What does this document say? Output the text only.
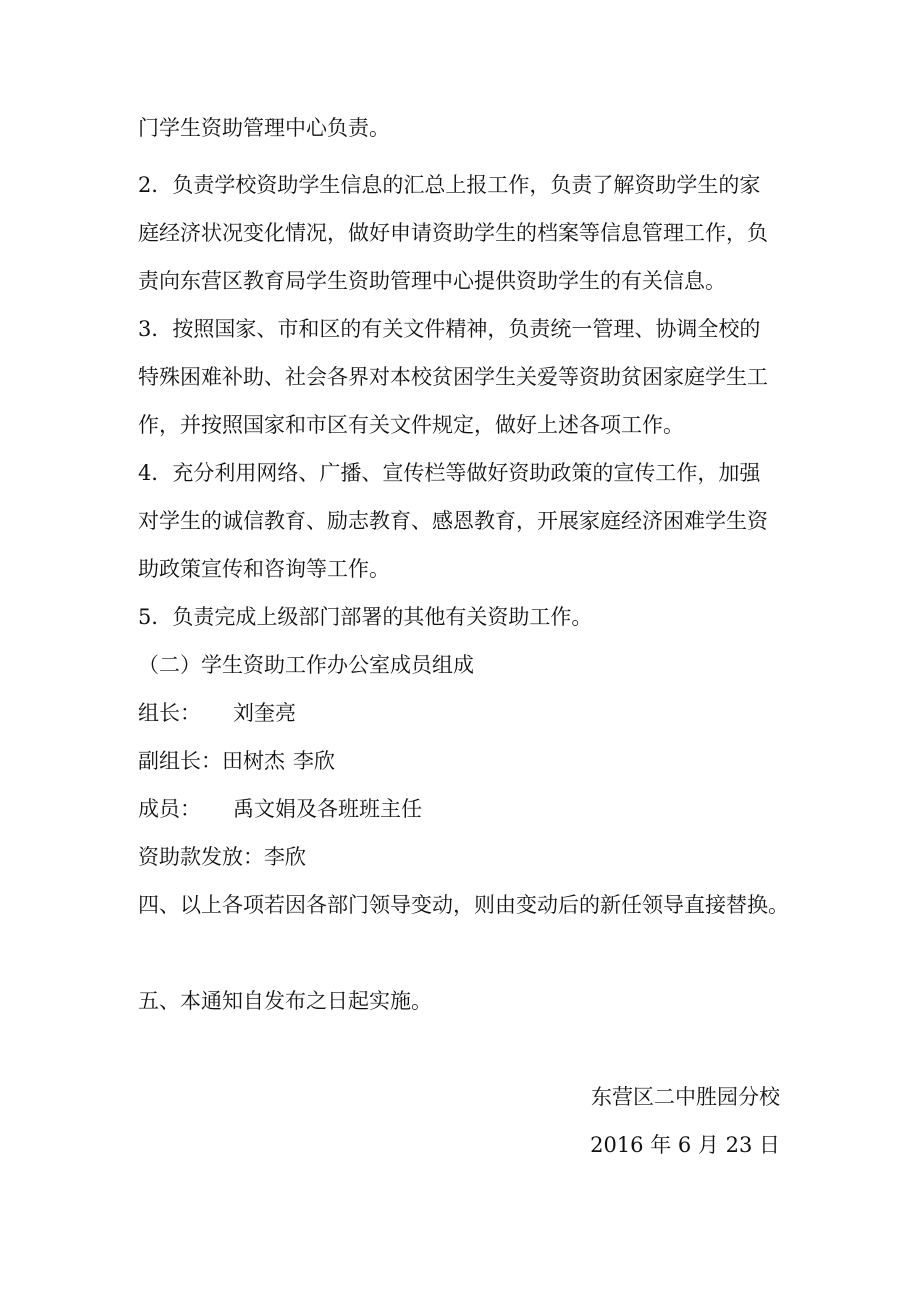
门学生资助管理中心负责。

2．负责学校资助学生信息的汇总上报工作，负责了解资助学生的家

庭经济状况变化情况，做好申请资助学生的档案等信息管理工作，负

责向东营区教育局学生资助管理中心提供资助学生的有关信息。

3．按照国家、市和区的有关文件精神，负责统一管理、协调全校的

特殊困难补助、社会各界对本校贫困学生关爱等资助贫困家庭学生工

作，并按照国家和市区有关文件规定，做好上述各项工作。

4．充分利用网络、广播、宣传栏等做好资助政策的宣传工作，加强

对学生的诚信教育、励志教育、感恩教育，开展家庭经济困难学生资

助政策宣传和咨询等工作。

5．负责完成上级部门部署的其他有关资助工作。

（二）学生资助工作办公室成员组成

组长： 刘奎亮

副组长：田树杰 李欣

成员： 禹文娟及各班班主任

资助款发放：李欣

四、以上各项若因各部门领导变动，则由变动后的新任领导直接替换。

五、本通知自发布之日起实施。

东营区二中胜园分校
2016 年 6 月 23 日
